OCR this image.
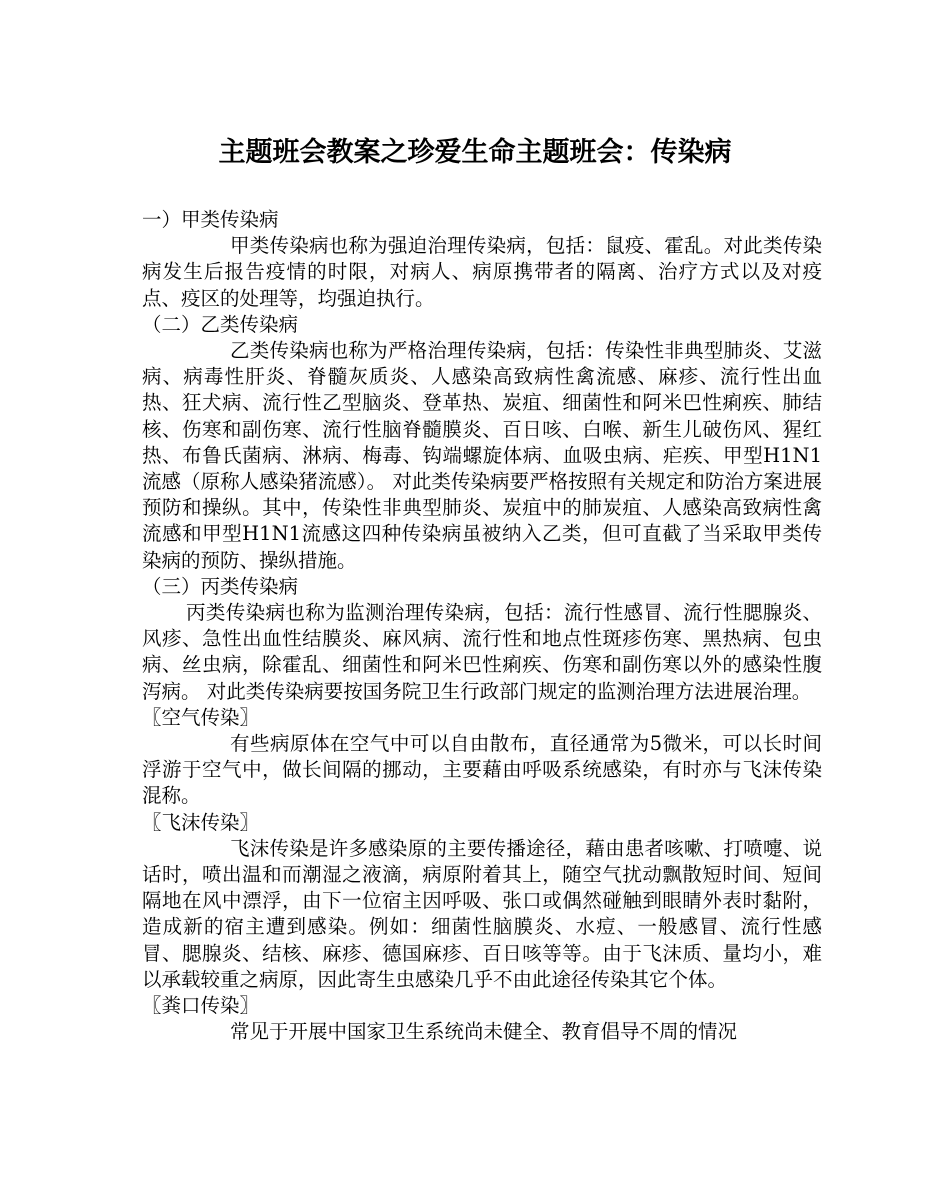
主题班会教案之珍爱生命主题班会：传染病

一）甲类传染病

甲类传染病也称为强迫治理传染病，包括：鼠疫、霍乱。对此类传染病发生后报告疫情的时限，对病人、病原携带者的隔离、治疗方式以及对疫点、疫区的处理等，均强迫执行。

（二）乙类传染病

乙类传染病也称为严格治理传染病，包括：传染性非典型肺炎、艾滋病、病毒性肝炎、脊髓灰质炎、人感染高致病性禽流感、麻疹、流行性出血热、狂犬病、流行性乙型脑炎、登革热、炭疽、细菌性和阿米巴性痢疾、肺结核、伤寒和副伤寒、流行性脑脊髓膜炎、百日咳、白喉、新生儿破伤风、猩红热、布鲁氏菌病、淋病、梅毒、钩端螺旋体病、血吸虫病、疟疾、甲型H1N1流感（原称人感染猪流感）。 对此类传染病要严格按照有关规定和防治方案进展预防和操纵。其中，传染性非典型肺炎、炭疽中的肺炭疽、人感染高致病性禽流感和甲型H1N1流感这四种传染病虽被纳入乙类，但可直截了当采取甲类传染病的预防、操纵措施。

（三）丙类传染病

丙类传染病也称为监测治理传染病，包括：流行性感冒、流行性腮腺炎、风疹、急性出血性结膜炎、麻风病、流行性和地点性斑疹伤寒、黑热病、包虫病、丝虫病，除霍乱、细菌性和阿米巴性痢疾、伤寒和副伤寒以外的感染性腹泻病。 对此类传染病要按国务院卫生行政部门规定的监测治理方法进展治理。

〖空气传染〗

有些病原体在空气中可以自由散布，直径通常为5微米，可以长时间浮游于空气中，做长间隔的挪动，主要藉由呼吸系统感染，有时亦与飞沫传染混称。

〖飞沫传染〗

飞沫传染是许多感染原的主要传播途径，藉由患者咳嗽、打喷嚏、说话时，喷出温和而潮湿之液滴，病原附着其上，随空气扰动飘散短时间、短间隔地在风中漂浮，由下一位宿主因呼吸、张口或偶然碰触到眼睛外表时黏附，造成新的宿主遭到感染。例如：细菌性脑膜炎、水痘、一般感冒、流行性感冒、腮腺炎、结核、麻疹、德国麻疹、百日咳等等。由于飞沫质、量均小，难以承载较重之病原，因此寄生虫感染几乎不由此途径传染其它个体。

〖粪口传染〗

常见于开展中国家卫生系统尚未健全、教育倡导不周的情况
